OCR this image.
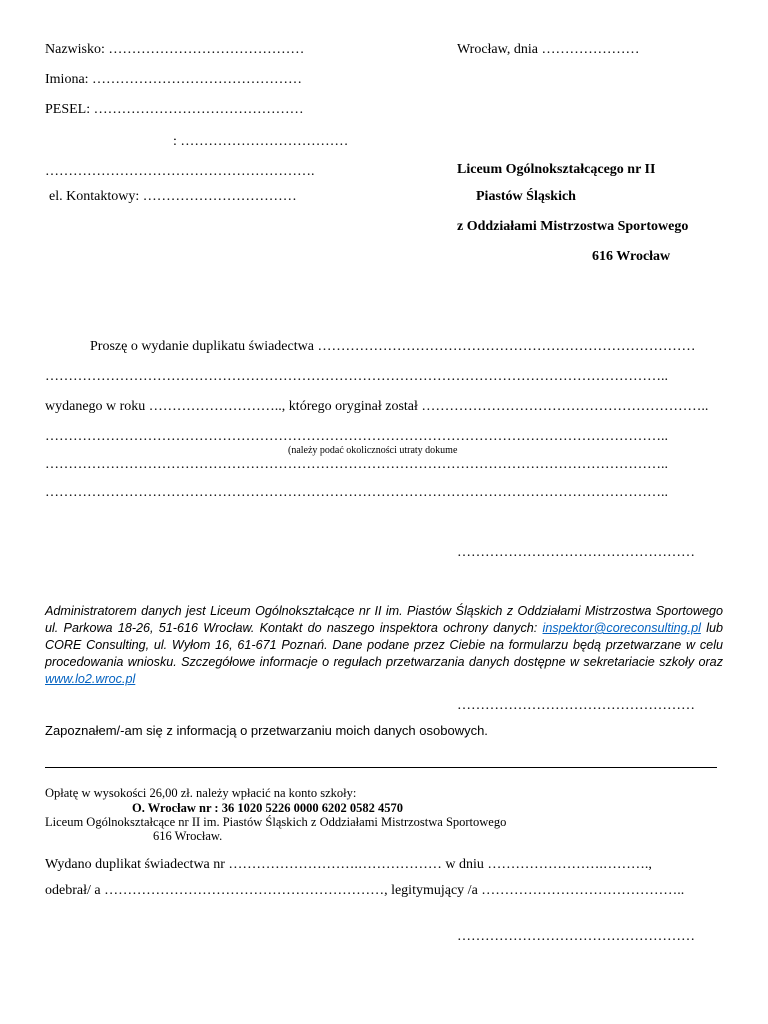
Nazwisko: ……………………………………	Wrocław, dnia …………………
Imiona: ………………………………………
PESEL: ………………………………………
: ………………………………
………………………………………………….
el. Kontaktowy: ……………………………
Liceum Ogólnokształcącego nr II
Piastów Śląskich
z Oddziałami Mistrzostwa Sportowego
616 Wrocław
Proszę o wydanie duplikatu świadectwa ………………………………………………………………………
……………………………………………………………………………………………………………………..
wydanego w roku ……………………….., którego oryginał został ……………………………………………………..
……………………………………………………………………………………………………………………..
(należy podać okoliczności utraty dokume
……………………………………………………………………………………………………………………..
……………………………………………………………………………………………………………………..
……………………………………………
Administratorem danych jest Liceum Ogólnokształcące nr II im. Piastów Śląskich z Oddziałami Mistrzostwa Sportowego ul. Parkowa 18-26, 51-616 Wrocław. Kontakt do naszego inspektora ochrony danych: inspektor@coreconsulting.pl lub CORE Consulting, ul. Wyłom 16, 61-671 Poznań. Dane podane przez Ciebie na formularzu będą przetwarzane w celu procedowania wniosku. Szczegółowe informacje o regułach przetwarzania danych dostępne w sekretariacie szkoły oraz www.lo2.wroc.pl
……………………………………………
Zapoznałem/-am się z informacją o przetwarzaniu moich danych osobowych.
Opłatę w wysokości 26,00 zł. należy wpłacić na konto szkoły:
O. Wrocław nr : 36 1020 5226 0000 6202 0582 4570
Liceum Ogólnokształcące nr II im. Piastów Śląskich z Oddziałami Mistrzostwa Sportowego
616 Wrocław.
Wydano duplikat świadectwa nr ……………………….……………… w dniu …………………….……….,
odebrał/ a ……………………………………………………, legitymujący /a ……………………………………..
……………………………………………
